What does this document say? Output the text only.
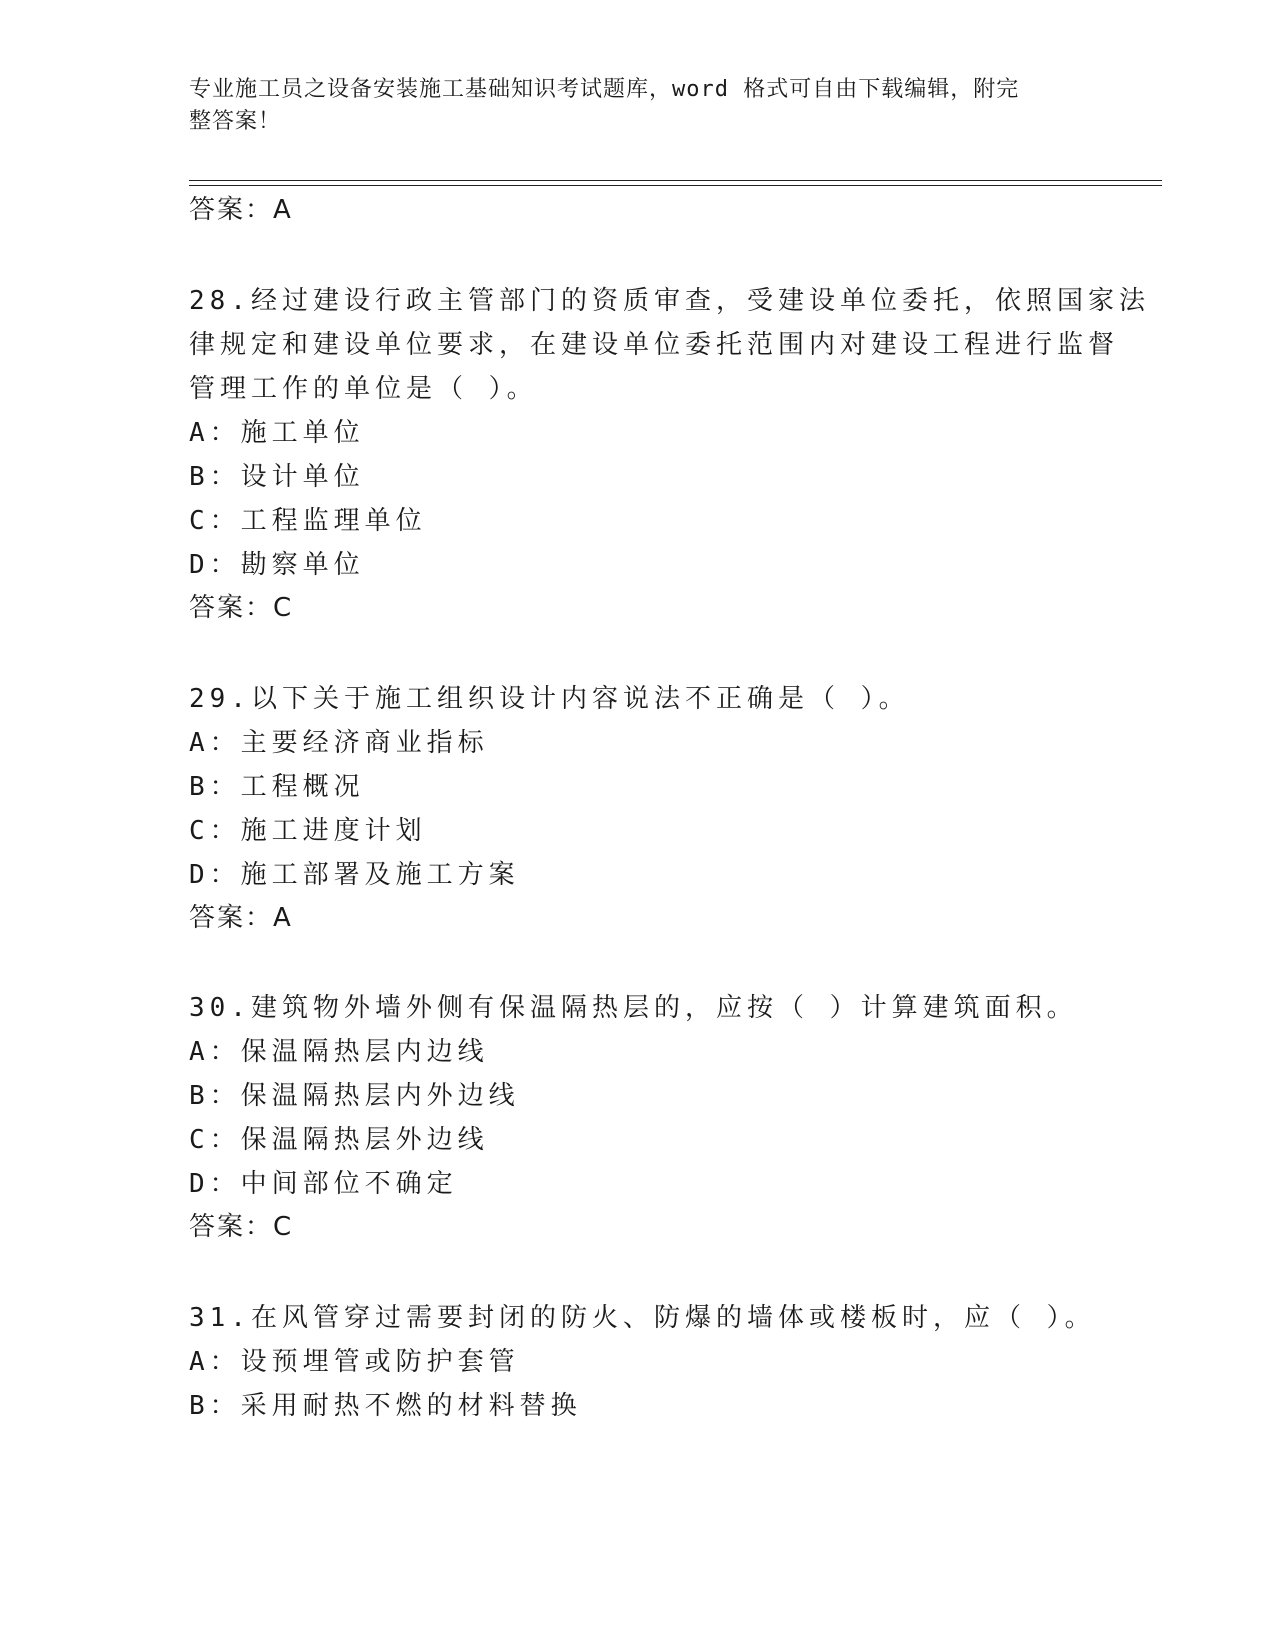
专业施工员之设备安装施工基础知识考试题库，word 格式可自由下载编辑，附完
整答案！
答案：A
28.经过建设行政主管部门的资质审查，受建设单位委托，依照国家法
律规定和建设单位要求，在建设单位委托范围内对建设工程进行监督
管理工作的单位是（ ）。
A：施工单位
B：设计单位
C：工程监理单位
D：勘察单位
答案：C
29.以下关于施工组织设计内容说法不正确是（ ）。
A：主要经济商业指标
B：工程概况
C：施工进度计划
D：施工部署及施工方案
答案：A
30.建筑物外墙外侧有保温隔热层的，应按（ ）计算建筑面积。
A：保温隔热层内边线
B：保温隔热层内外边线
C：保温隔热层外边线
D：中间部位不确定
答案：C
31.在风管穿过需要封闭的防火、防爆的墙体或楼板时，应（ ）。
A：设预埋管或防护套管
B：采用耐热不燃的材料替换
